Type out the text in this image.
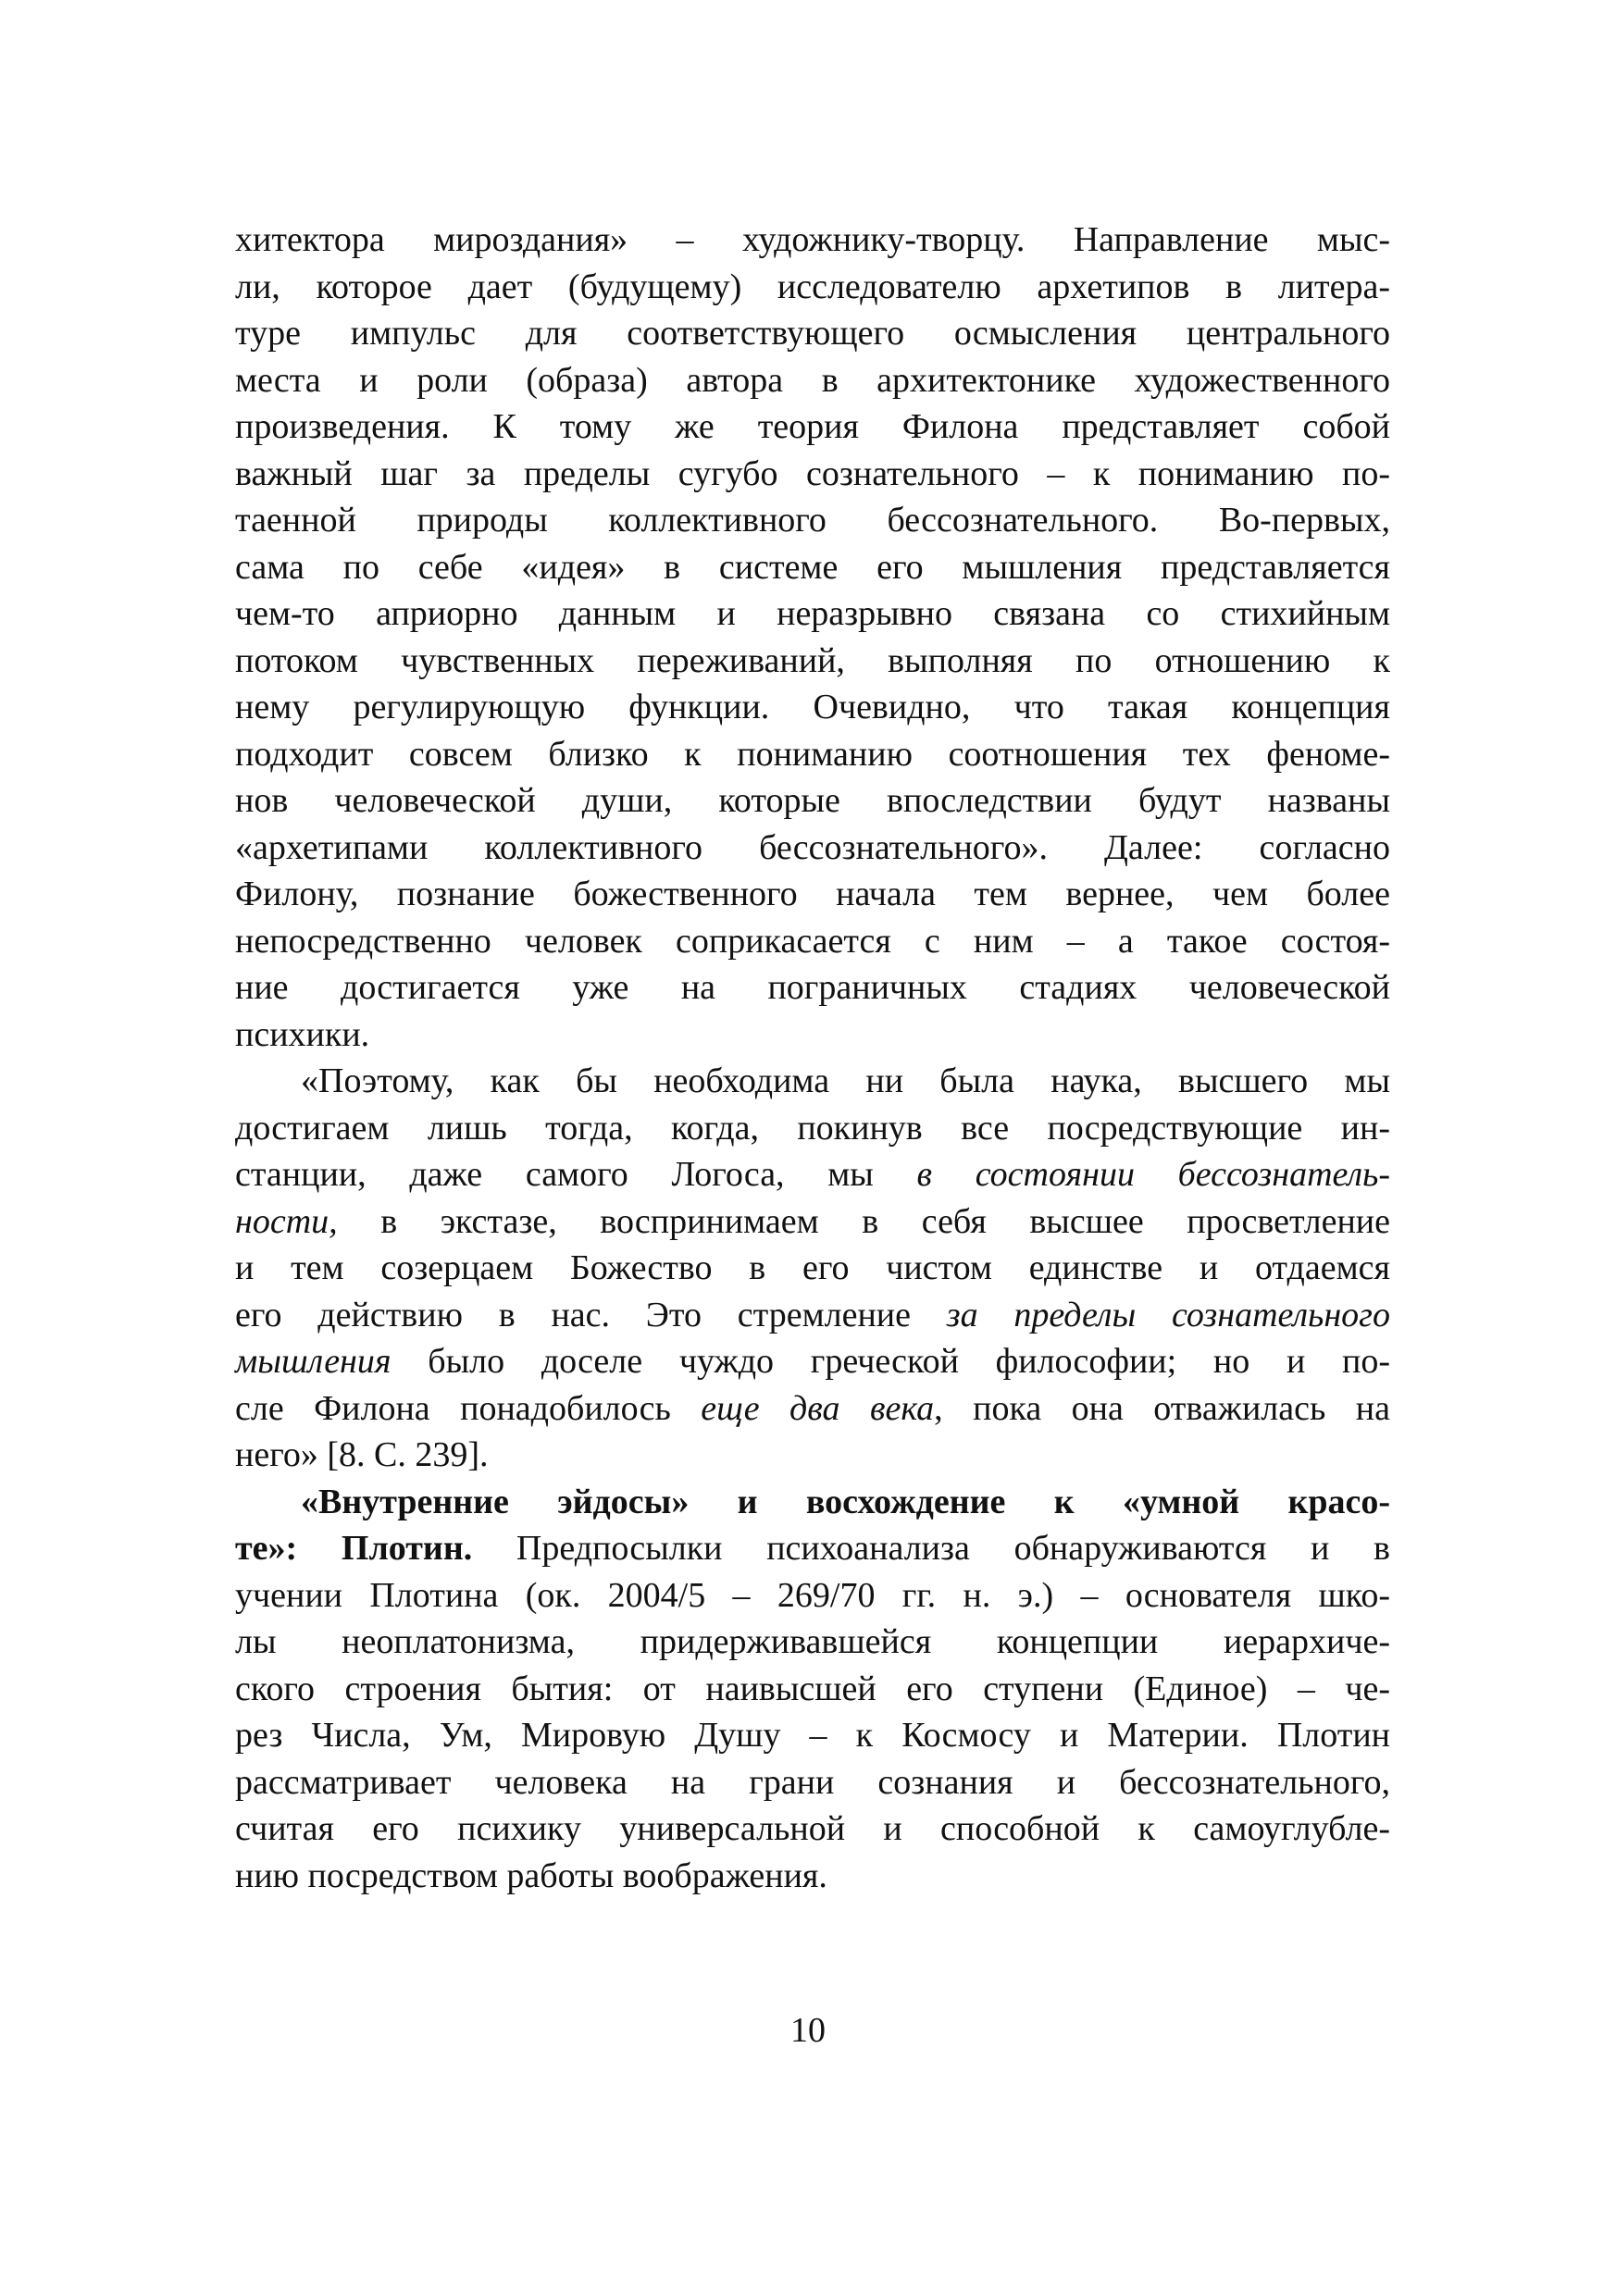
хитектора мироздания» – художнику-творцу. Направление мыс-
ли, которое дает (будущему) исследователю архетипов в литера-
туре импульс для соответствующего осмысления центрального
места и роли (образа) автора в архитектонике художественного
произведения. К тому же теория Филона представляет собой
важный шаг за пределы сугубо сознательного – к пониманию по-
таенной природы коллективного бессознательного. Во-первых,
сама по себе «идея» в системе его мышления представляется
чем-то априорно данным и неразрывно связана со стихийным
потоком чувственных переживаний, выполняя по отношению к
нему регулирующую функции. Очевидно, что такая концепция
подходит совсем близко к пониманию соотношения тех феноме-
нов человеческой души, которые впоследствии будут названы
«архетипами коллективного бессознательного». Далее: согласно
Филону, познание божественного начала тем вернее, чем более
непосредственно человек соприкасается с ним – а такое состоя-
ние достигается уже на пограничных стадиях человеческой
психики.
«Поэтому, как бы необходима ни была наука, высшего мы
достигаем лишь тогда, когда, покинув все посредствующие ин-
станции, даже самого Логоса, мы в состоянии бессознатель-
ности, в экстазе, воспринимаем в себя высшее просветление
и тем созерцаем Божество в его чистом единстве и отдаемся
его действию в нас. Это стремление за пределы сознательного
мышления было доселе чуждо греческой философии; но и по-
сле Филона понадобилось еще два века, пока она отважилась на
него» [8. С. 239].
«Внутренние эйдосы» и восхождение к «умной красо-
те»: Плотин. Предпосылки психоанализа обнаруживаются и в
учении Плотина (ок. 2004/5 – 269/70 гг. н. э.) – основателя шко-
лы неоплатонизма, придерживавшейся концепции иерархиче-
ского строения бытия: от наивысшей его ступени (Единое) – че-
рез Числа, Ум, Мировую Душу – к Космосу и Материи. Плотин
рассматривает человека на грани сознания и бессознательного,
считая его психику универсальной и способной к самоуглубле-
нию посредством работы воображения.
10
